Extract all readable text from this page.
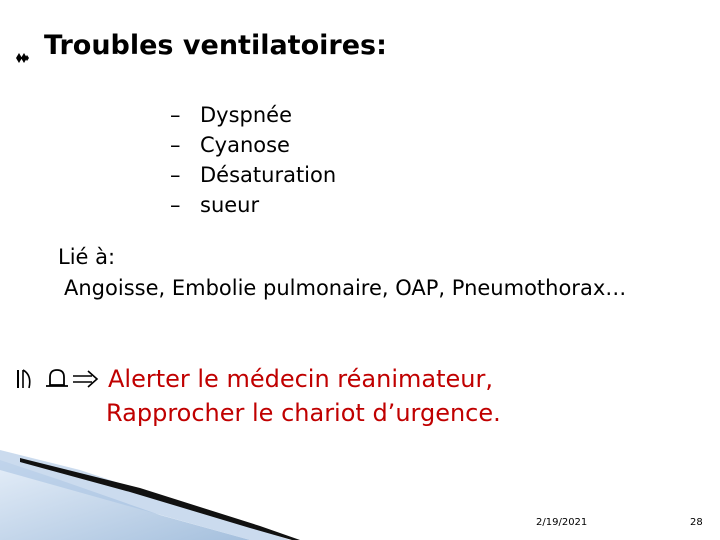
Troubles ventilatoires:
– Dyspnée
– Cyanose
– Désaturation
– sueur
Lié à:
Angoisse, Embolie pulmonaire, OAP, Pneumothorax…
Alerter le médecin réanimateur,
Rapprocher le chariot d’urgence.
2/19/2021	28
